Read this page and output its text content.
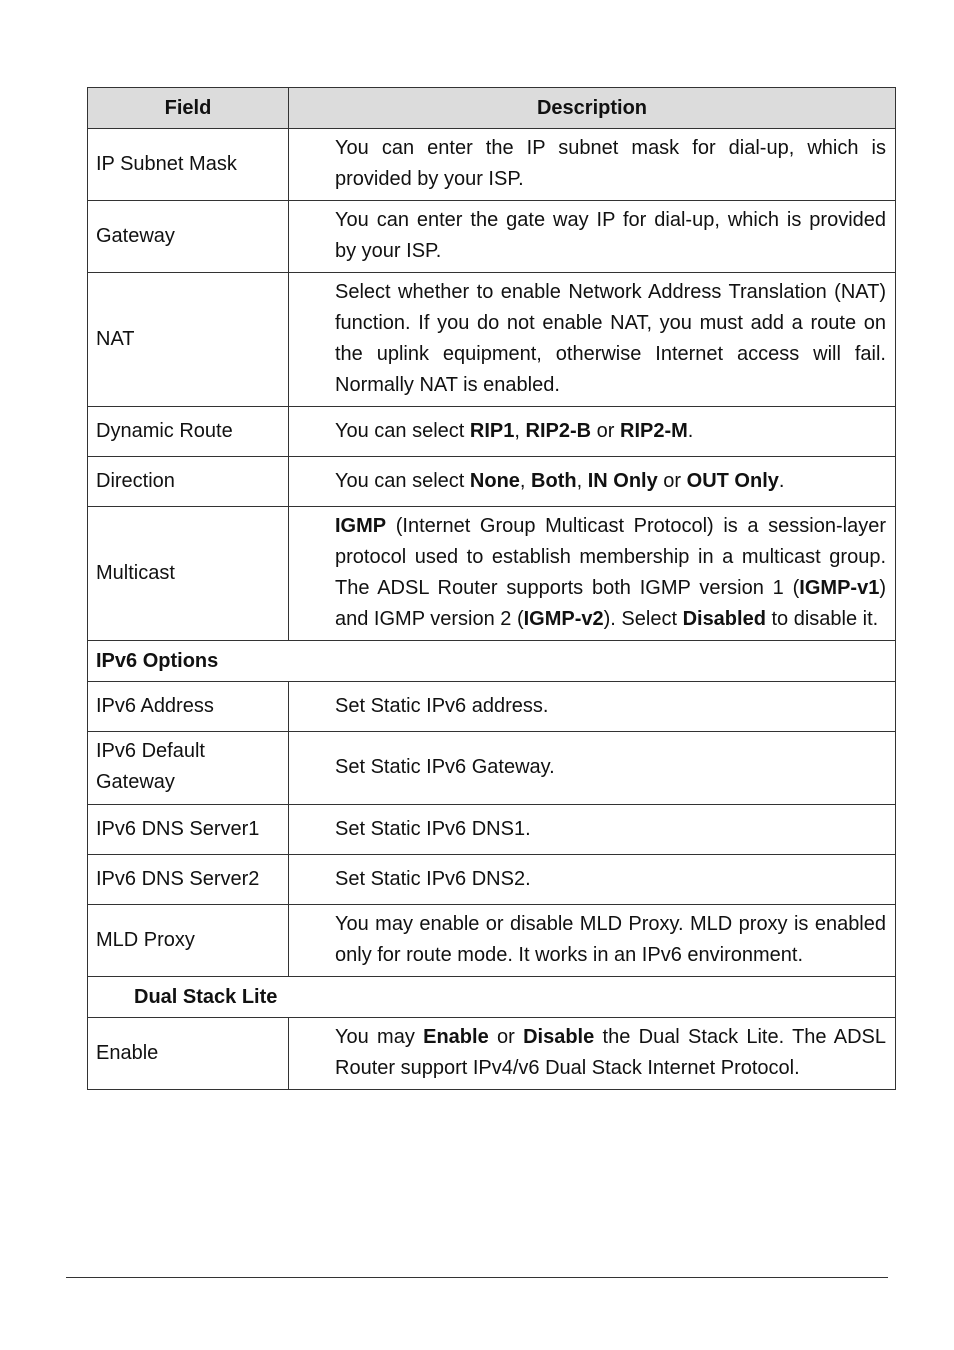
Field	Description
IP Subnet Mask	You can enter the IP subnet mask for dial-up, which is provided by your ISP.
Gateway	You can enter the gate way IP for dial-up, which is provided by your ISP.
NAT	Select whether to enable Network Address Translation (NAT) function. If you do not enable NAT, you must add a route on the uplink equipment, otherwise Internet access will fail. Normally NAT is enabled.
Dynamic Route	You can select RIP1, RIP2-B or RIP2-M.
Direction	You can select None, Both, IN Only or OUT Only.
Multicast	IGMP (Internet Group Multicast Protocol) is a session-layer protocol used to establish membership in a multicast group. The ADSL Router supports both IGMP version 1 (IGMP-v1) and IGMP version 2 (IGMP-v2). Select Disabled to disable it.
IPv6 Options	
IPv6 Address	Set Static IPv6 address.
IPv6 Default Gateway	Set Static IPv6 Gateway.
IPv6 DNS Server1	Set Static IPv6 DNS1.
IPv6 DNS Server2	Set Static IPv6 DNS2.
MLD Proxy	You may enable or disable MLD Proxy. MLD proxy is enabled only for route mode. It works in an IPv6 environment.
Dual Stack Lite	
Enable	You may Enable or Disable the Dual Stack Lite. The ADSL Router support IPv4/v6 Dual Stack Internet Protocol.
